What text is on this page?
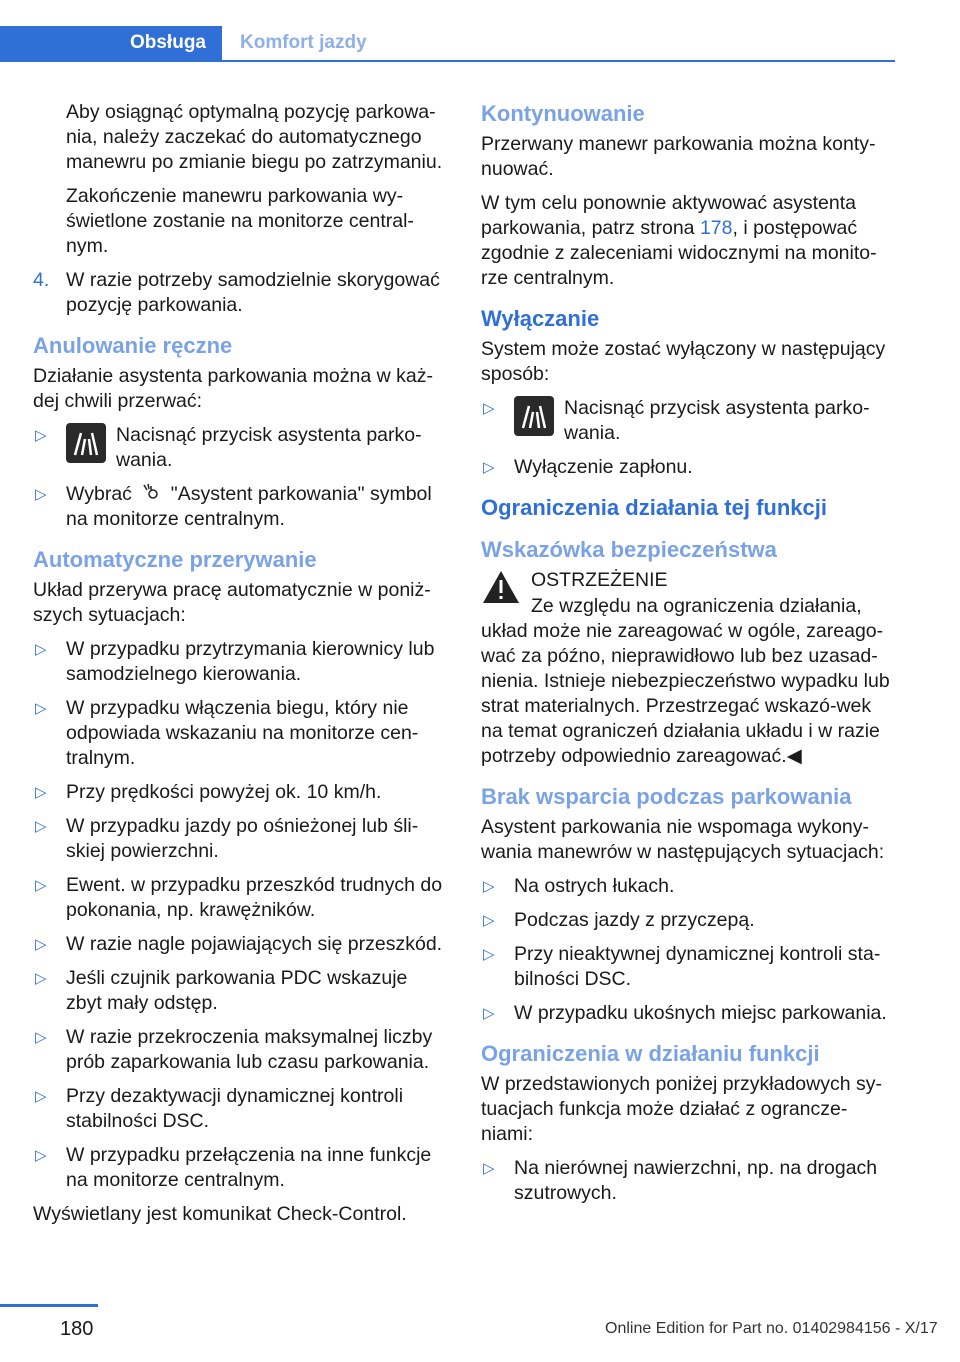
Obsługa	Komfort jazdy

Aby osiągnąć optymalną pozycję parkowa-nia, należy zaczekać do automatycznego manewru po zmianie biegu po zatrzymaniu.

Zakończenie manewru parkowania wy-świetlone zostanie na monitorze central-nym.

4. W razie potrzeby samodzielnie skorygować pozycję parkowania.
Anulowanie ręczne

Działanie asystenta parkowania można w każ-dej chwili przerwać:

▷	Nacisnąć przycisk asystenta parko-wania.
▷ Wybrać "Asystent parkowania" symbol na monitorze centralnym.
Automatyczne przerywanie

Układ przerywa pracę automatycznie w poniż-szych sytuacjach:

▷ W przypadku przytrzymania kierownicy lub samodzielnego kierowania.
▷ W przypadku włączenia biegu, który nie odpowiada wskazaniu na monitorze cen-tralnym.
▷ Przy prędkości powyżej ok. 10 km/h.
▷ W przypadku jazdy po ośnieżonej lub śli-skiej powierzchni.
▷ Ewent. w przypadku przeszkód trudnych do pokonania, np. krawężników.
▷ W razie nagle pojawiających się przeszkód.
▷ Jeśli czujnik parkowania PDC wskazuje zbyt mały odstęp.
▷ W razie przekroczenia maksymalnej liczby prób zaparkowania lub czasu parkowania.
▷ Przy dezaktywacji dynamicznej kontroli stabilności DSC.
▷ W przypadku przełączenia na inne funkcje na monitorze centralnym.

Wyświetlany jest komunikat Check-Control.

Kontynuowanie

Przerwany manewr parkowania można konty-nuować.

W tym celu ponownie aktywować asystenta parkowania, patrz strona 178, i postępować zgodnie z zaleceniami widocznymi na monito-rze centralnym.

Wyłączanie

System może zostać wyłączony w następujący sposób:

▷	Nacisnąć przycisk asystenta parko-wania.
▷ Wyłączenie zapłonu.
Ograniczenia działania tej funkcji
Wskazówka bezpieczeństwa
OSTRZEŻENIE

Ze względu na ograniczenia działania, układ może nie zareagować w ogóle, zareago-wać za późno, nieprawidłowo lub bez uzasad-nienia. Istnieje niebezpieczeństwo wypadku lub strat materialnych. Przestrzegać wskazó-wek na temat ograniczeń działania układu i w razie potrzeby odpowiednio zareagować.◀

Brak wsparcia podczas parkowania

Asystent parkowania nie wspomaga wykony-wania manewrów w następujących sytuacjach:

▷ Na ostrych łukach.
▷ Podczas jazdy z przyczepą.
▷ Przy nieaktywnej dynamicznej kontroli sta-bilności DSC.
▷ W przypadku ukośnych miejsc parkowania.
Ograniczenia w działaniu funkcji

W przedstawionych poniżej przykładowych sy-tuacjach funkcja może działać z ograncze-niami:

▷ Na nierównej nawierzchni, np. na drogach szutrowych.
180	Online Edition for Part no. 01402984156 - X/17
